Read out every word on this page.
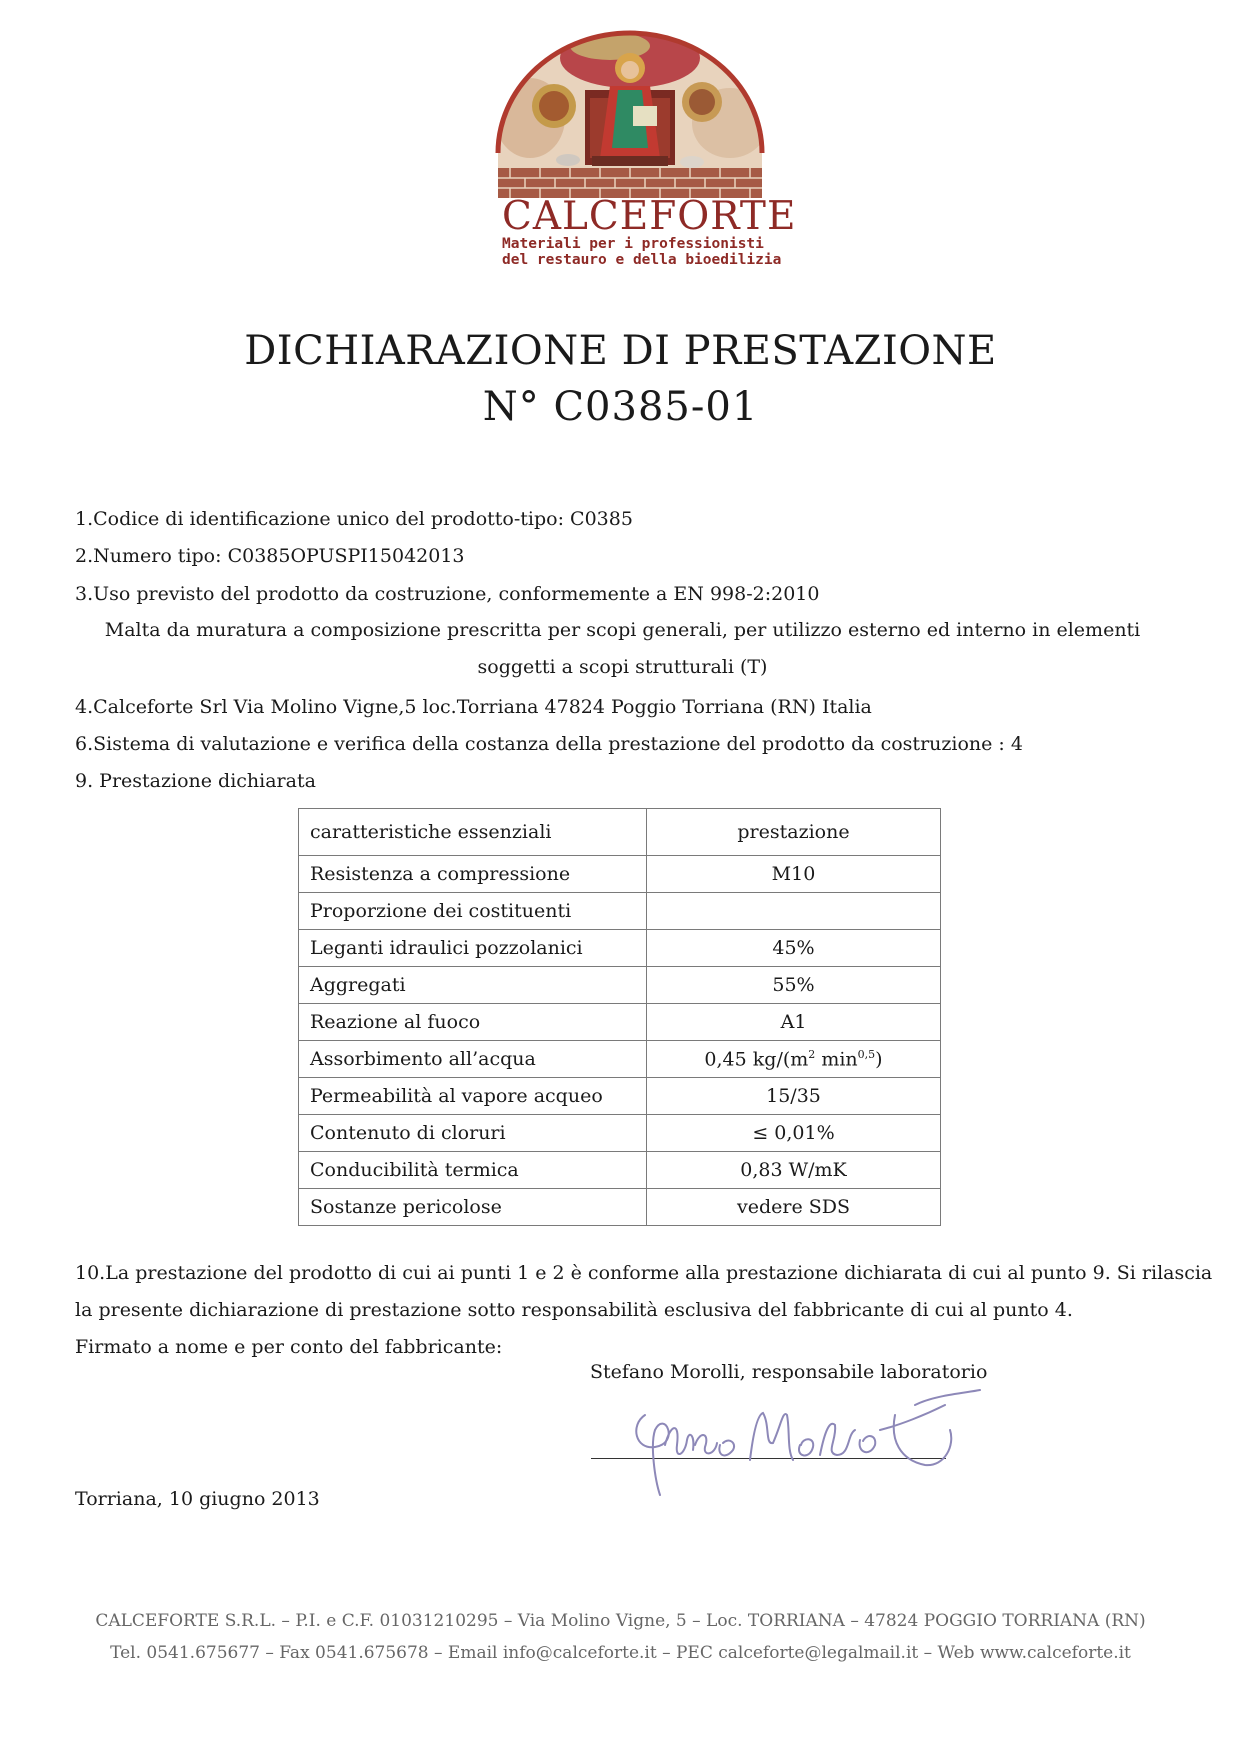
CALCEFORTE
Materiali per i professionisti
del restauro e della bioedilizia
DICHIARAZIONE DI PRESTAZIONE
N° C0385-01
1.Codice di identificazione unico del prodotto-tipo: C0385
2.Numero tipo: C0385OPUSPI15042013
3.Uso previsto del prodotto da costruzione, conformemente a EN 998-2:2010
Malta da muratura a composizione prescritta per scopi generali, per utilizzo esterno ed interno in elementi soggetti a scopi strutturali (T)
4.Calceforte Srl Via Molino Vigne,5 loc.Torriana 47824 Poggio Torriana (RN) Italia
6.Sistema di valutazione e verifica della costanza della prestazione del prodotto da costruzione : 4
9. Prestazione dichiarata
caratteristiche essenziali	prestazione
Resistenza a compressione	M10
Proporzione dei costituenti	
Leganti idraulici pozzolanici	45%
Aggregati	55%
Reazione al fuoco	A1
Assorbimento all’acqua	0,45 $kg/(m^2$ $\min^{0,5}$)
Permeabilità al vapore acqueo	15/35
Contenuto di cloruri	≤ 0,01%
Conducibilità termica	0,83 W/mK
Sostanze pericolose	vedere SDS
10.La prestazione del prodotto di cui ai punti 1 e 2 è conforme alla prestazione dichiarata di cui al punto 9. Si rilascia
la presente dichiarazione di prestazione sotto responsabilità esclusiva del fabbricante di cui al punto 4.
Firmato a nome e per conto del fabbricante:
Stefano Morolli, responsabile laboratorio
Torriana, 10 giugno 2013
CALCEFORTE S.R.L. – P.I. e C.F. 01031210295 – Via Molino Vigne, 5 – Loc. TORRIANA – 47824 POGGIO TORRIANA (RN)
Tel. 0541.675677 – Fax 0541.675678 – Email info@calceforte.it – PEC calceforte@legalmail.it – Web www.calceforte.it
